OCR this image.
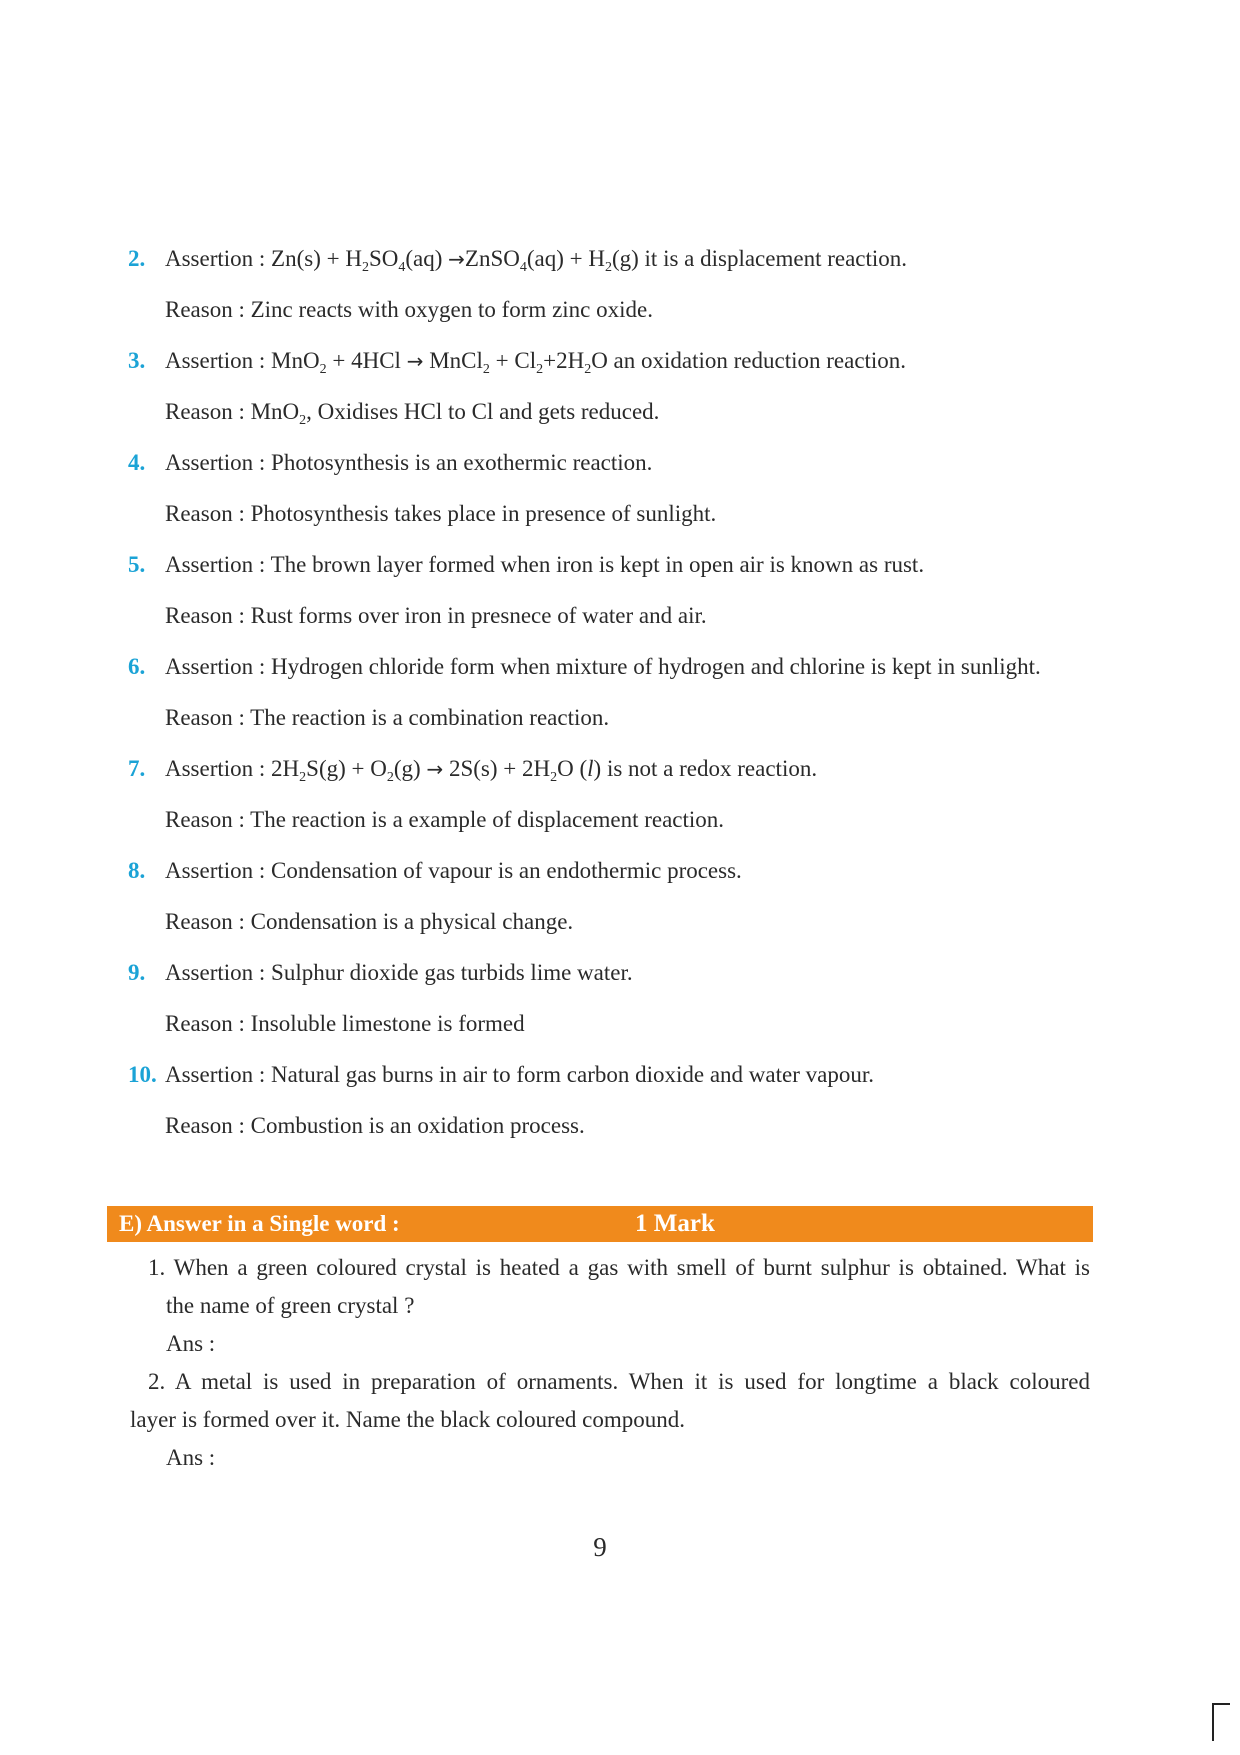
2. Assertion : $Zn(s) + H_2SO_4(aq)$ →ZnSO$_4$(aq) + $H_2(g)$ it is a displacement reaction.

Reason : Zinc reacts with oxygen to form zinc oxide.

3. Assertion : MnO$_2$ + 4HCl → MnCl$_2$ + $Cl_2+2H_2O$ an oxidation reduction reaction.

Reason : MnO$_2$, Oxidises HCl to Cl and gets reduced.

4. Assertion : Photosynthesis is an exothermic reaction.

Reason : Photosynthesis takes place in presence of sunlight.

5. Assertion : The brown layer formed when iron is kept in open air is known as rust.

Reason : Rust forms over iron in presnece of water and air.

6. Assertion : Hydrogen chloride form when mixture of hydrogen and chlorine is kept in sunlight.

Reason : The reaction is a combination reaction.

7. Assertion : $2H_2S(g) + O_2(g) \to 2S(s) + 2H_2O$ (l) is not a redox reaction.

Reason : The reaction is a example of displacement reaction.

8. Assertion : Condensation of vapour is an endothermic process.

Reason : Condensation is a physical change.

9. Assertion : Sulphur dioxide gas turbids lime water.

Reason : Insoluble limestone is formed

10. Assertion : Natural gas burns in air to form carbon dioxide and water vapour.

Reason : Combustion is an oxidation process.

E) Answer in a Single word :	1 Mark

1. When a green coloured crystal is heated a gas with smell of burnt sulphur is obtained. What is

the name of green crystal ?

Ans :

2. A metal is used in preparation of ornaments. When it is used for longtime a black coloured

layer is formed over it. Name the black coloured compound.

Ans :

9
